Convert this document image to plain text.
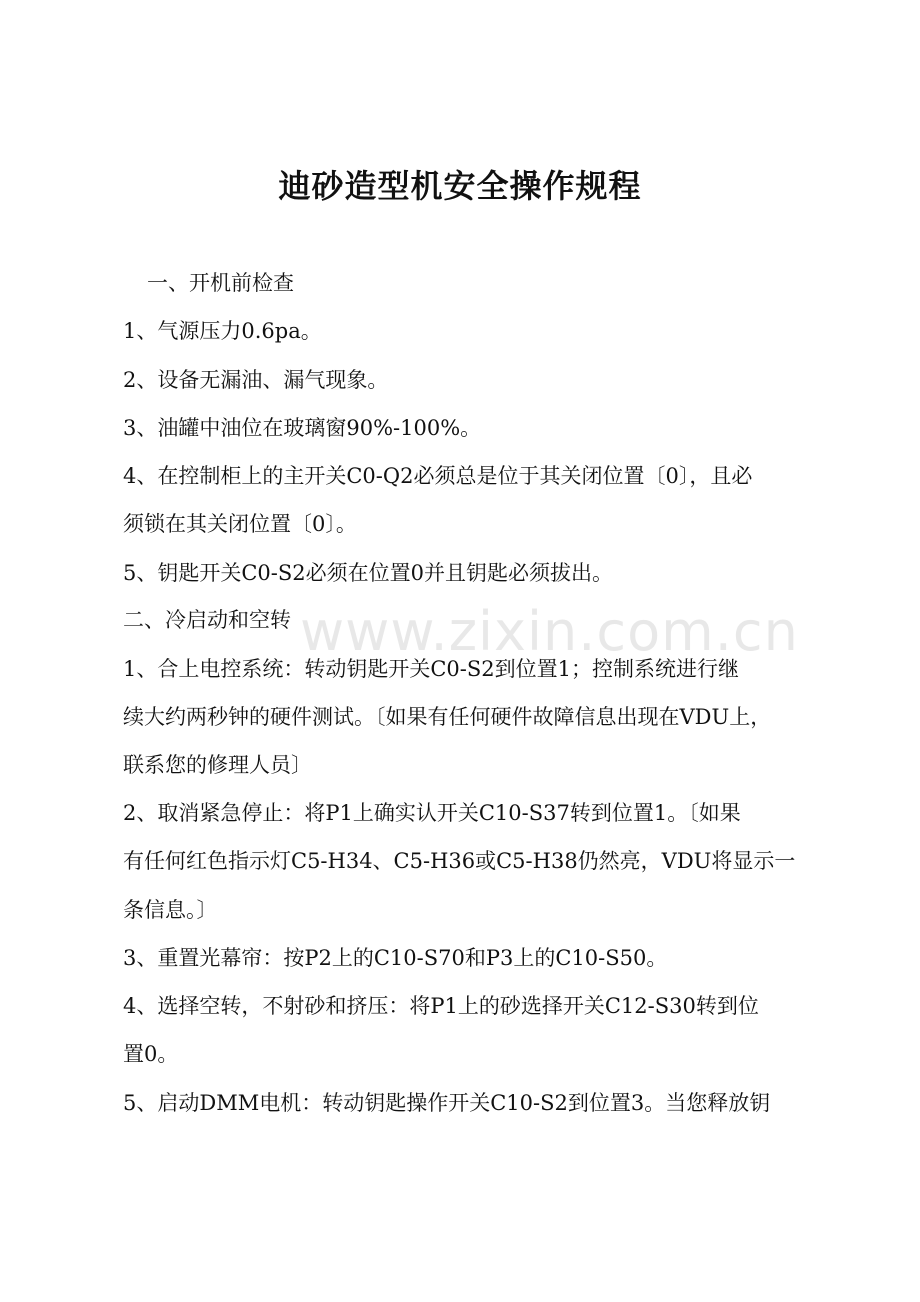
迪砂造型机安全操作规程
一、开机前检查
1、气源压力0.6pa。
2、设备无漏油、漏气现象。
3、油罐中油位在玻璃窗90%-100%。
4、在控制柜上的主开关C0-Q2必须总是位于其关闭位置〔0〕，且必
须锁在其关闭位置〔0〕。
5、钥匙开关C0-S2必须在位置0并且钥匙必须拔出。
二、冷启动和空转
1、合上电控系统：转动钥匙开关C0-S2到位置1；控制系统进行继
续大约两秒钟的硬件测试。〔如果有任何硬件故障信息出现在VDU上，
联系您的修理人员〕
2、取消紧急停止：将P1上确实认开关C10-S37转到位置1。〔如果
有任何红色指示灯C5-H34、C5-H36或C5-H38仍然亮，VDU将显示一
条信息。〕
3、重置光幕帘：按P2上的C10-S70和P3上的C10-S50。
4、选择空转，不射砂和挤压：将P1上的砂选择开关C12-S30转到位
置0。
5、启动DMM电机：转动钥匙操作开关C10-S2到位置3。当您释放钥
www.zixin.com.cn
